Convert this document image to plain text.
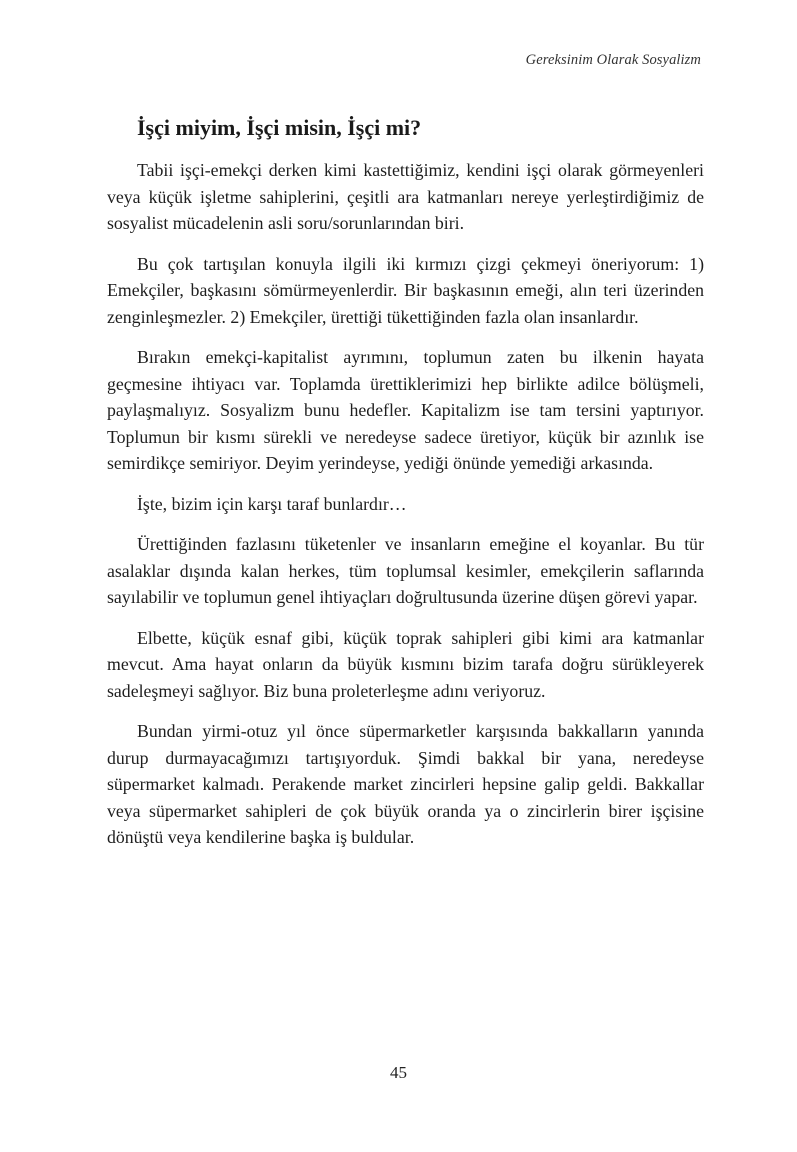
Gereksinim Olarak Sosyalizm
İşçi miyim, İşçi misin, İşçi mi?

Tabii işçi-emekçi derken kimi kastettiğimiz, kendini işçi olarak görmeyenleri veya küçük işletme sahiplerini, çeşitli ara katmanları nereye yerleştirdiğimiz de sosyalist mücadelenin asli soru/sorunlarından biri.

Bu çok tartışılan konuyla ilgili iki kırmızı çizgi çekmeyi öneriyorum: 1) Emekçiler, başkasını sömürmeyenlerdir. Bir başkasının emeği, alın teri üzerinden zenginleşmezler. 2) Emekçiler, ürettiği tükettiğinden fazla olan insanlardır.

Bırakın emekçi-kapitalist ayrımını, toplumun zaten bu ilkenin hayata geçmesine ihtiyacı var. Toplamda ürettiklerimizi hep birlikte adilce bölüşmeli, paylaşmalıyız. Sosyalizm bunu hedefler. Kapitalizm ise tam tersini yaptırıyor. Toplumun bir kısmı sürekli ve neredeyse sadece üretiyor, küçük bir azınlık ise semirdikçe semiriyor. Deyim yerindeyse, yediği önünde yemediği arkasında.

İşte, bizim için karşı taraf bunlardır…

Ürettiğinden fazlasını tüketenler ve insanların emeğine el koyanlar. Bu tür asalaklar dışında kalan herkes, tüm toplumsal kesimler, emekçilerin saflarında sayılabilir ve toplumun genel ihtiyaçları doğrultusunda üzerine düşen görevi yapar.

Elbette, küçük esnaf gibi, küçük toprak sahipleri gibi kimi ara katmanlar mevcut. Ama hayat onların da büyük kısmını bizim tarafa doğru sürükleyerek sadeleşmeyi sağlıyor. Biz buna proleterleşme adını veriyoruz.

Bundan yirmi-otuz yıl önce süpermarketler karşısında bakkalların yanında durup durmayacağımızı tartışıyorduk. Şimdi bakkal bir yana, neredeyse süpermarket kalmadı. Perakende market zincirleri hepsine galip geldi. Bakkallar veya süpermarket sahipleri de çok büyük oranda ya o zincirlerin birer işçisine dönüştü veya kendilerine başka iş buldular.

45
